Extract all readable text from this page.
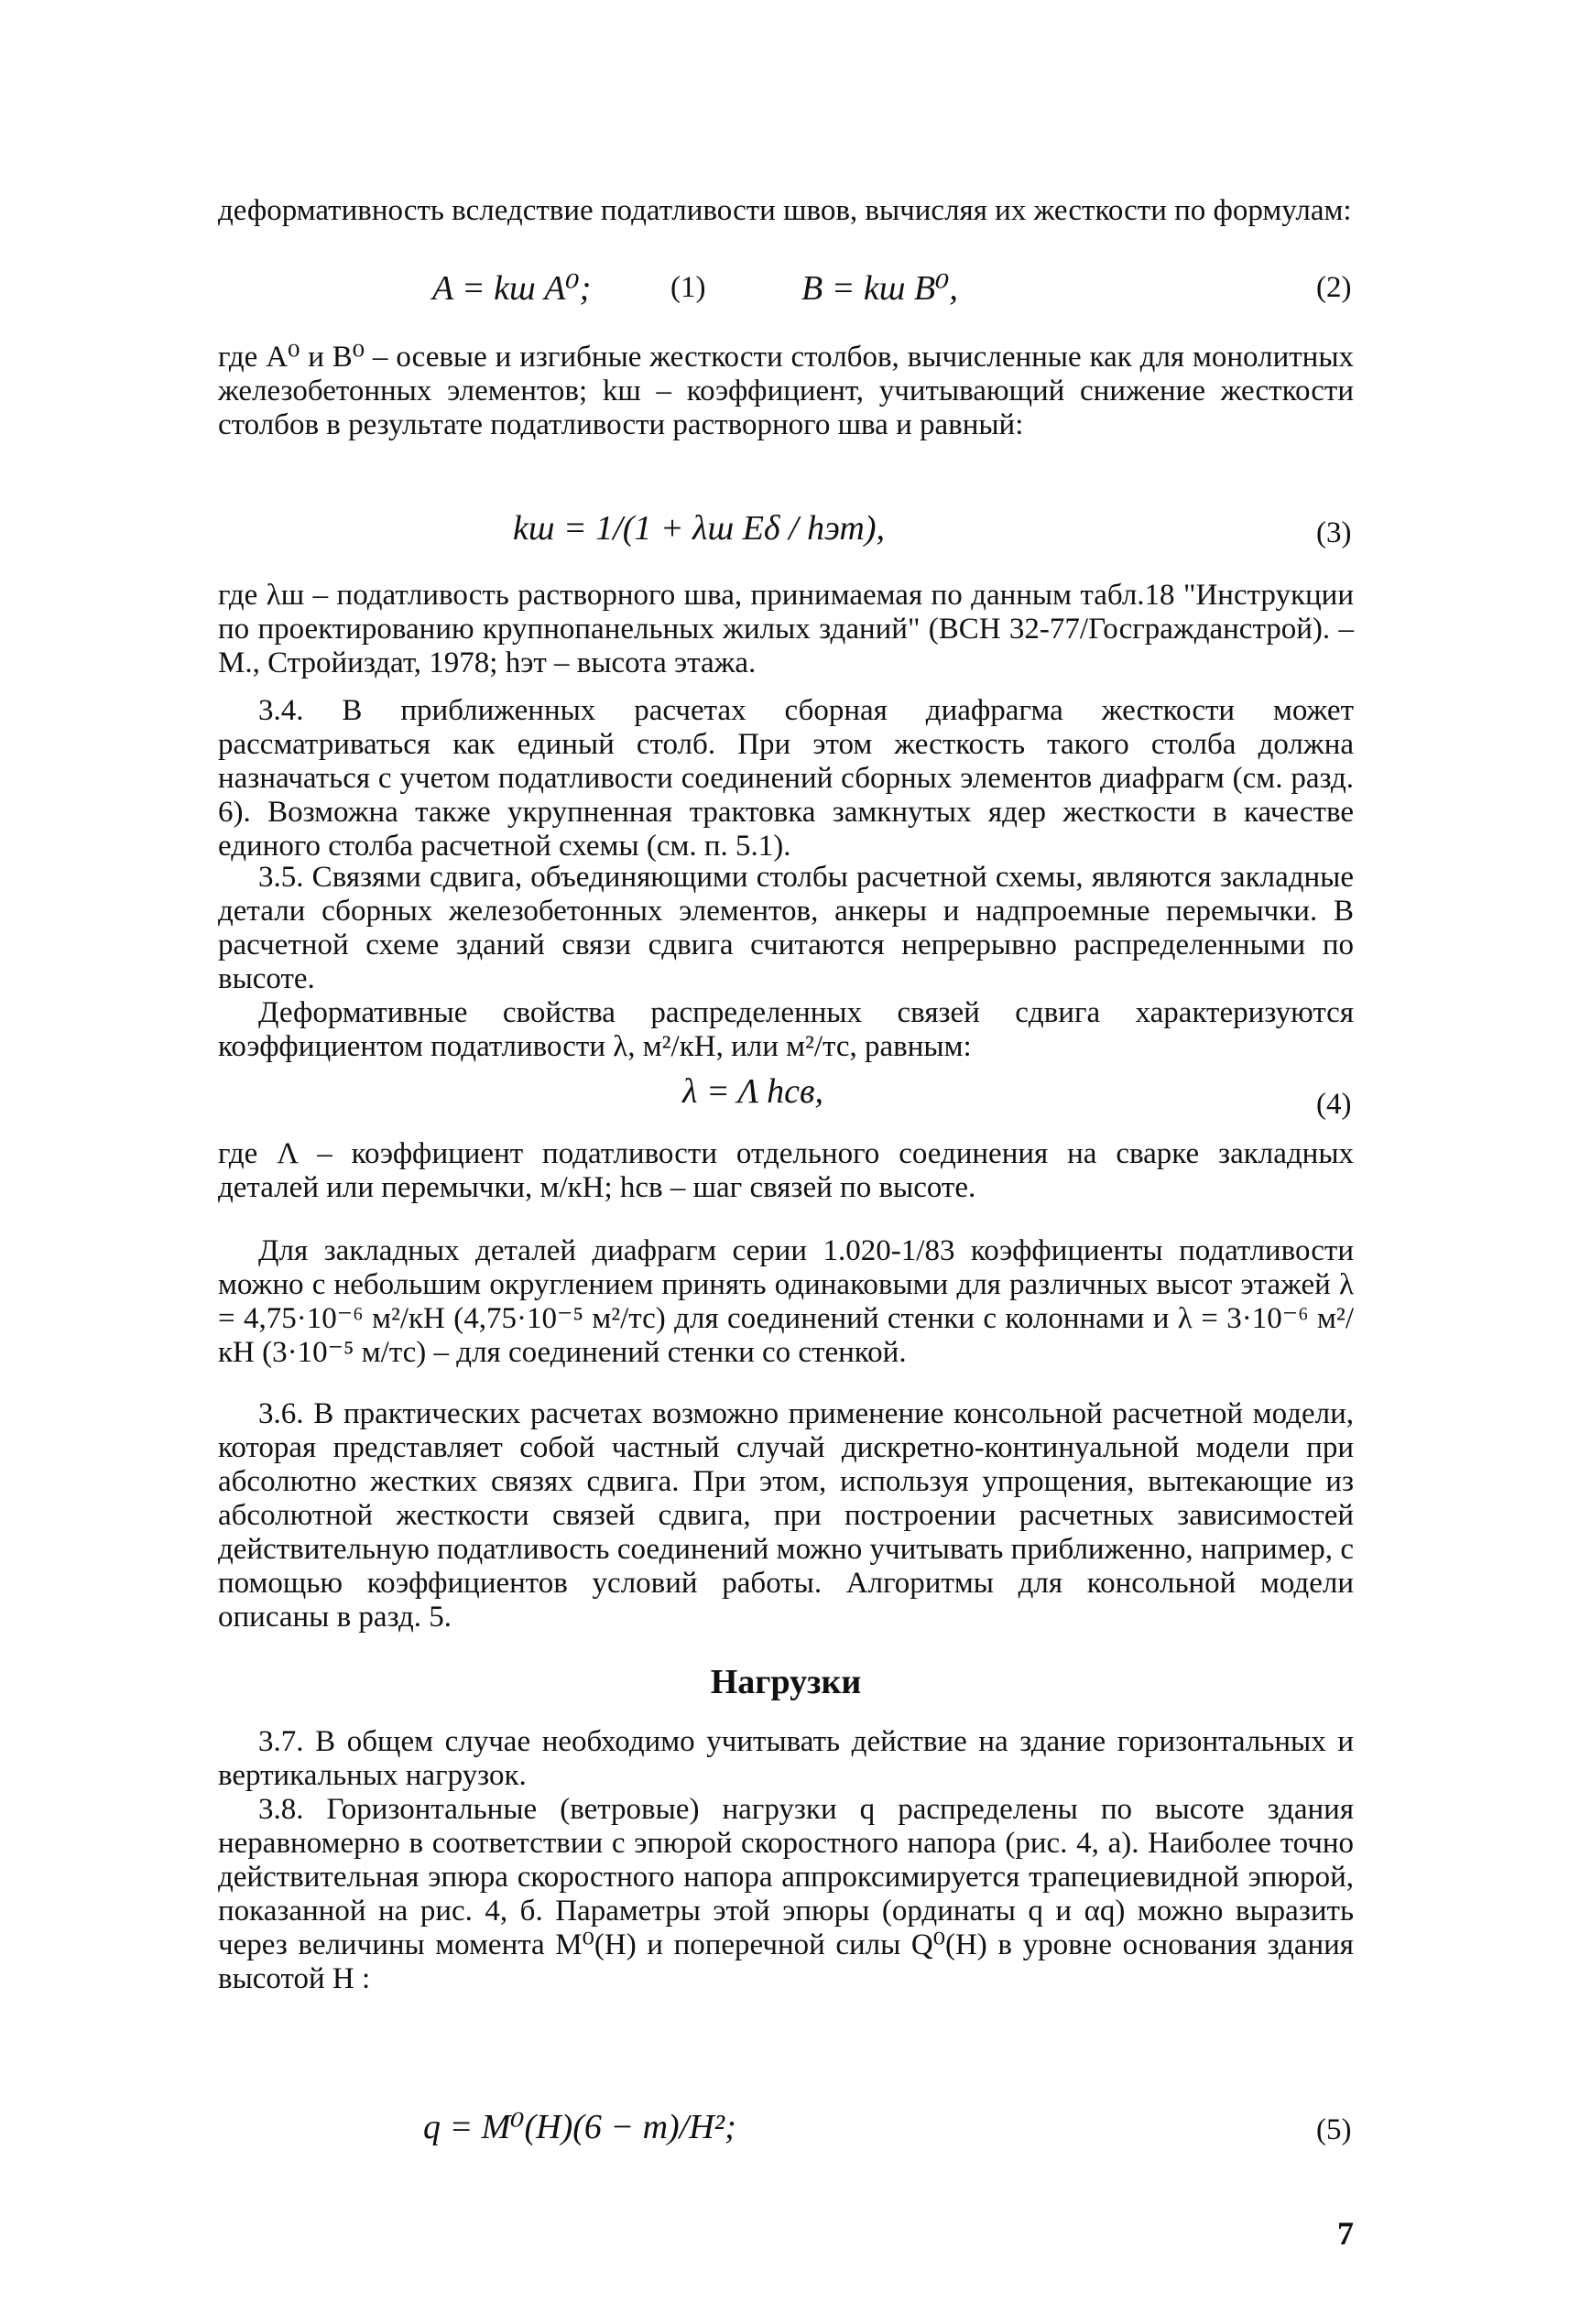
деформативность вследствие податливости швов, вычисляя их жесткости по формулам:

A = kш A⁰;	(1)	B = kш B⁰,	(2)

где A⁰ и B⁰ – осевые и изгибные жесткости столбов, вычисленные как для монолитных железобетонных элементов; kш – коэффициент, учитывающий снижение жесткости столбов в результате податливости растворного шва и равный:

kш = 1/(1 + λш Eδ / hэт),	(3)

где λш – податливость растворного шва, принимаемая по данным табл.18 "Инструкции по проектированию крупнопанельных жилых зданий" (ВСН 32-77/Госгражданстрой). – М., Стройиздат, 1978; hэт – высота этажа.

3.4. В приближенных расчетах сборная диафрагма жесткости может рассматриваться как единый столб. При этом жесткость такого столба должна назначаться с учетом податливости соединений сборных элементов диафрагм (см. разд. 6). Возможна также укрупненная трактовка замкнутых ядер жесткости в качестве единого столба расчетной схемы (см. п. 5.1).

3.5. Связями сдвига, объединяющими столбы расчетной схемы, являются закладные детали сборных железобетонных элементов, анкеры и надпроемные перемычки. В расчетной схеме зданий связи сдвига считаются непрерывно распределенными по высоте.

Деформативные свойства распределенных связей сдвига характеризуются коэффициентом податливости λ, м²/кН, или м²/тс, равным:

λ = Λ hсв,	(4)

где Λ – коэффициент податливости отдельного соединения на сварке закладных деталей или перемычки, м/кН; hсв – шаг связей по высоте.

Для закладных деталей диафрагм серии 1.020-1/83 коэффициенты податливости можно с небольшим округлением принять одинаковыми для различных высот этажей λ = 4,75·10⁻⁶ м²/кН (4,75·10⁻⁵ м²/тс) для соединений стенки с колоннами и λ = 3·10⁻⁶ м²/кН (3·10⁻⁵ м/тс) – для соединений стенки со стенкой.

3.6. В практических расчетах возможно применение консольной расчетной модели, которая представляет собой частный случай дискретно-континуальной модели при абсолютно жестких связях сдвига. При этом, используя упрощения, вытекающие из абсолютной жесткости связей сдвига, при построении расчетных зависимостей действительную податливость соединений можно учитывать приближенно, например, с помощью коэффициентов условий работы. Алгоритмы для консольной модели описаны в разд. 5.

Нагрузки

3.7. В общем случае необходимо учитывать действие на здание горизонтальных и вертикальных нагрузок.

3.8. Горизонтальные (ветровые) нагрузки q распределены по высоте здания неравномерно в соответствии с эпюрой скоростного напора (рис. 4, а). Наиболее точно действительная эпюра скоростного напора аппроксимируется трапециевидной эпюрой, показанной на рис. 4, б. Параметры этой эпюры (ординаты q и αq) можно выразить через величины момента M⁰(H) и поперечной силы Q⁰(H) в уровне основания здания высотой H :

q = M⁰(H)(6 − m)/H²;	(5)
7
